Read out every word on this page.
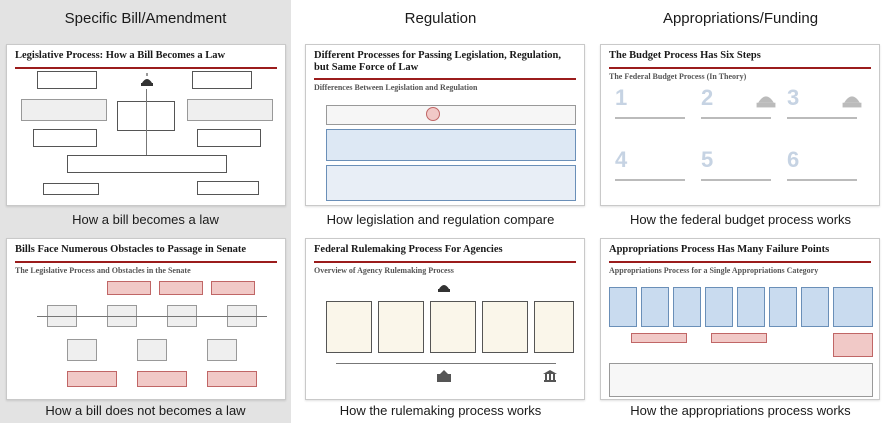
Specific Bill/Amendment	Regulation	Appropriations/Funding
Legislative Process: How a Bill Becomes a Law
How a bill becomes a law
Different Processes for Passing Legislation, Regulation, but Same Force of Law
Differences Between Legislation and Regulation
How legislation and regulation compare
The Budget Process Has Six Steps
The Federal Budget Process (In Theory)
1	2	3
4	5	6
How the federal budget process works
Bills Face Numerous Obstacles to Passage in Senate
The Legislative Process and Obstacles in the Senate
How a bill does not becomes a law
Federal Rulemaking Process For Agencies
Overview of Agency Rulemaking Process
How the rulemaking process works
Appropriations Process Has Many Failure Points
Appropriations Process for a Single Appropriations Category
How the appropriations process works
